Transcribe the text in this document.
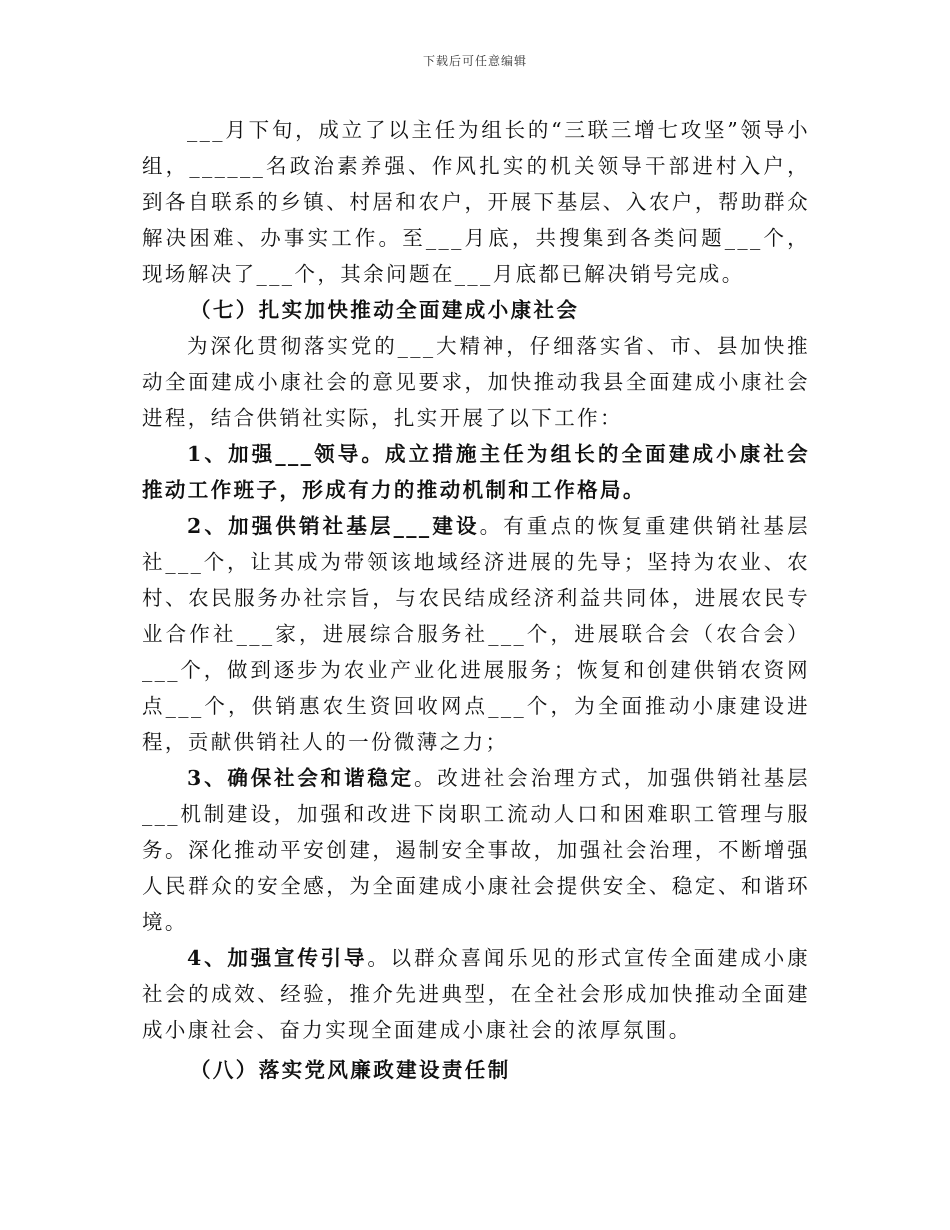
下载后可任意编辑

___月下旬，成立了以主任为组长的“三联三增七攻坚”领导小组，______名政治素养强、作风扎实的机关领导干部进村入户，到各自联系的乡镇、村居和农户，开展下基层、入农户，帮助群众解决困难、办事实工作。至___月底，共搜集到各类问题___个，现场解决了___个，其余问题在___月底都已解决销号完成。

（七）扎实加快推动全面建成小康社会

为深化贯彻落实党的___大精神，仔细落实省、市、县加快推动全面建成小康社会的意见要求，加快推动我县全面建成小康社会进程，结合供销社实际，扎实开展了以下工作：

1、加强___领导。成立措施主任为组长的全面建成小康社会推动工作班子，形成有力的推动机制和工作格局。

2、加强供销社基层___建设。有重点的恢复重建供销社基层社___个，让其成为带领该地域经济进展的先导；坚持为农业、农村、农民服务办社宗旨，与农民结成经济利益共同体，进展农民专业合作社___家，进展综合服务社___个，进展联合会（农合会）___个，做到逐步为农业产业化进展服务；恢复和创建供销农资网点___个，供销惠农生资回收网点___个，为全面推动小康建设进程，贡献供销社人的一份微薄之力；

3、确保社会和谐稳定。改进社会治理方式，加强供销社基层___机制建设，加强和改进下岗职工流动人口和困难职工管理与服务。深化推动平安创建，遏制安全事故，加强社会治理，不断增强人民群众的安全感，为全面建成小康社会提供安全、稳定、和谐环境。

4、加强宣传引导。以群众喜闻乐见的形式宣传全面建成小康社会的成效、经验，推介先进典型，在全社会形成加快推动全面建成小康社会、奋力实现全面建成小康社会的浓厚氛围。

（八）落实党风廉政建设责任制
